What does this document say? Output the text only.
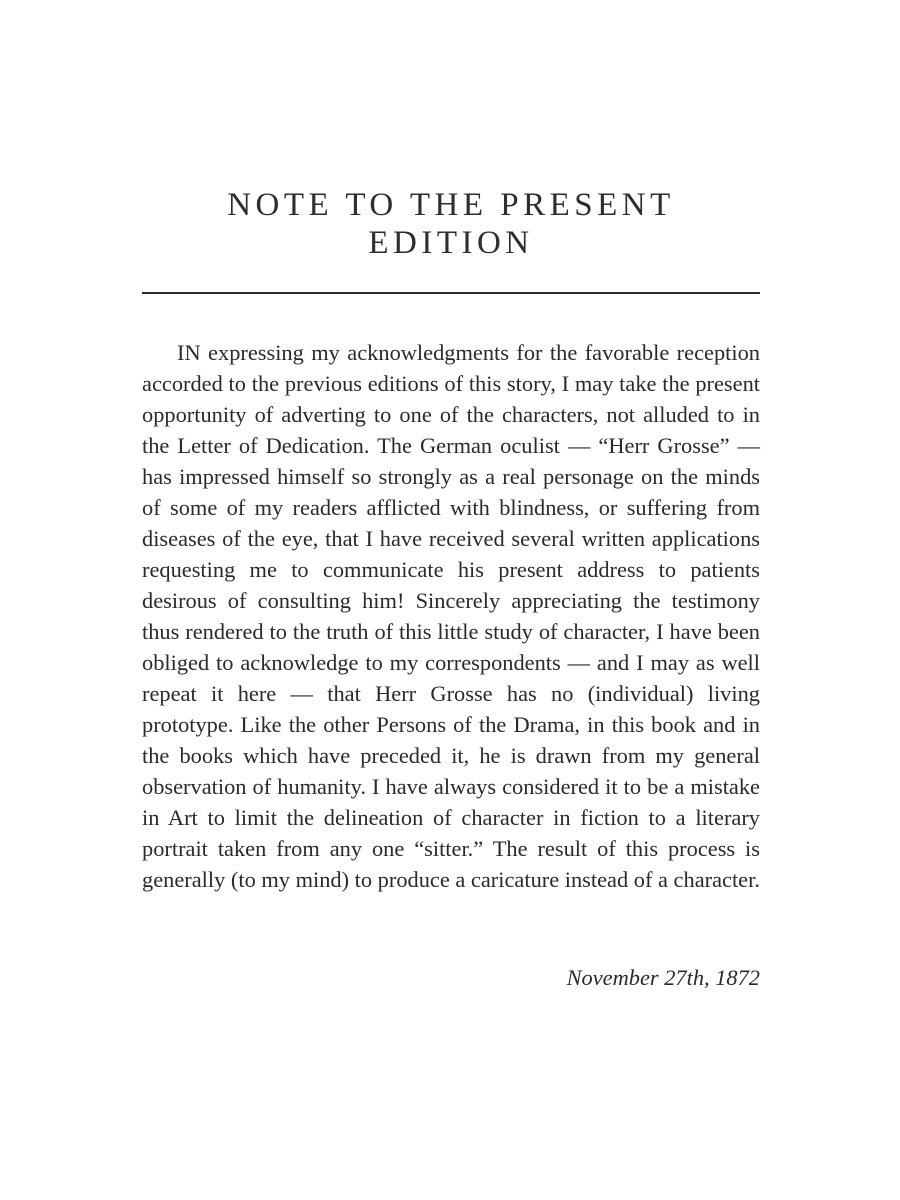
NOTE TO THE PRESENT
EDITION

IN expressing my acknowledgments for the favorable reception accorded to the previous editions of this story, I may take the present opportunity of adverting to one of the characters, not alluded to in the Letter of Dedication. The German oculist — “Herr Grosse” — has impressed himself so strongly as a real personage on the minds of some of my readers afflicted with blindness, or suffering from diseases of the eye, that I have received several written applications requesting me to communicate his present address to patients desirous of consulting him! Sincerely appreciating the testimony thus rendered to the truth of this little study of character, I have been obliged to acknowledge to my correspondents — and I may as well repeat it here — that Herr Grosse has no (individual) living prototype. Like the other Persons of the Drama, in this book and in the books which have preceded it, he is drawn from my general observation of humanity. I have always considered it to be a mistake in Art to limit the delineation of character in fiction to a literary portrait taken from any one “sitter.” The result of this process is generally (to my mind) to produce a caricature instead of a character.

November 27th, 1872
